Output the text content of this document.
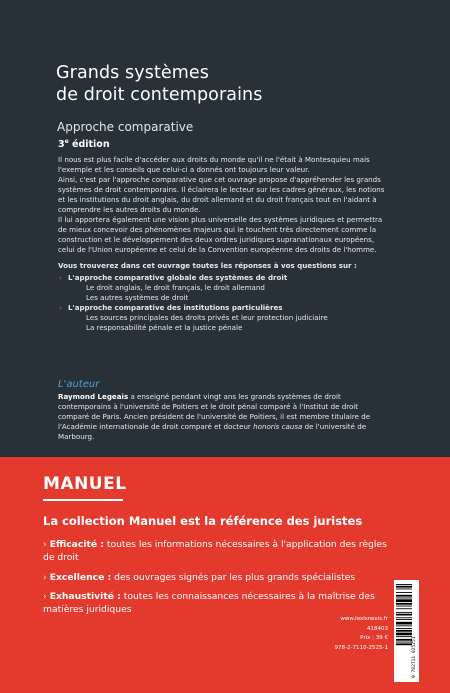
Grands systèmes
de droit contemporains
Approche comparative
3e édition

Il nous est plus facile d'accéder aux droits du monde qu'il ne l'était à Montesquieu mais l'exemple et les conseils que celui-ci a donnés ont toujours leur valeur.

Ainsi, c'est par l'approche comparative que cet ouvrage propose d'appréhender les grands systèmes de droit contemporains. Il éclairera le lecteur sur les cadres généraux, les notions et les institutions du droit anglais, du droit allemand et du droit français tout en l'aidant à comprendre les autres droits du monde.

Il lui apportera également une vision plus universelle des systèmes juridiques et permettra de mieux concevoir des phénomènes majeurs qui le touchent très directement comme la construction et le développement des deux ordres juridiques supranationaux européens, celui de l'Union européenne et celui de la Convention européenne des droits de l'homme.

Vous trouverez dans cet ouvrage toutes les réponses à vos questions sur :

› L'approche comparative globale des systèmes de droit
Le droit anglais, le droit français, le droit allemand
Les autres systèmes de droit
› L'approche comparative des institutions particulières
Les sources principales des droits privés et leur protection judiciaire
La responsabilité pénale et la justice pénale
L'auteur
Raymond Legeais a enseigné pendant vingt ans les grands systèmes de droit contemporains à l'université de Poitiers et le droit pénal comparé à l'Institut de droit comparé de Paris. Ancien président de l'université de Poitiers, il est membre titulaire de l'Académie internationale de droit comparé et docteur honoris causa de l'université de Marbourg.
MANUEL
La collection Manuel est la référence des juristes
› Efficacité : toutes les informations nécessaires à l'application des règles de droit
› Excellence : des ouvrages signés par les plus grands spécialistes
› Exhaustivité : toutes les connaissances nécessaires à la maîtrise des matières juridiques
www.lexisnexis.fr
418403
Prix : 39 €
978-2-7110-2525-1	9 782711 025251
